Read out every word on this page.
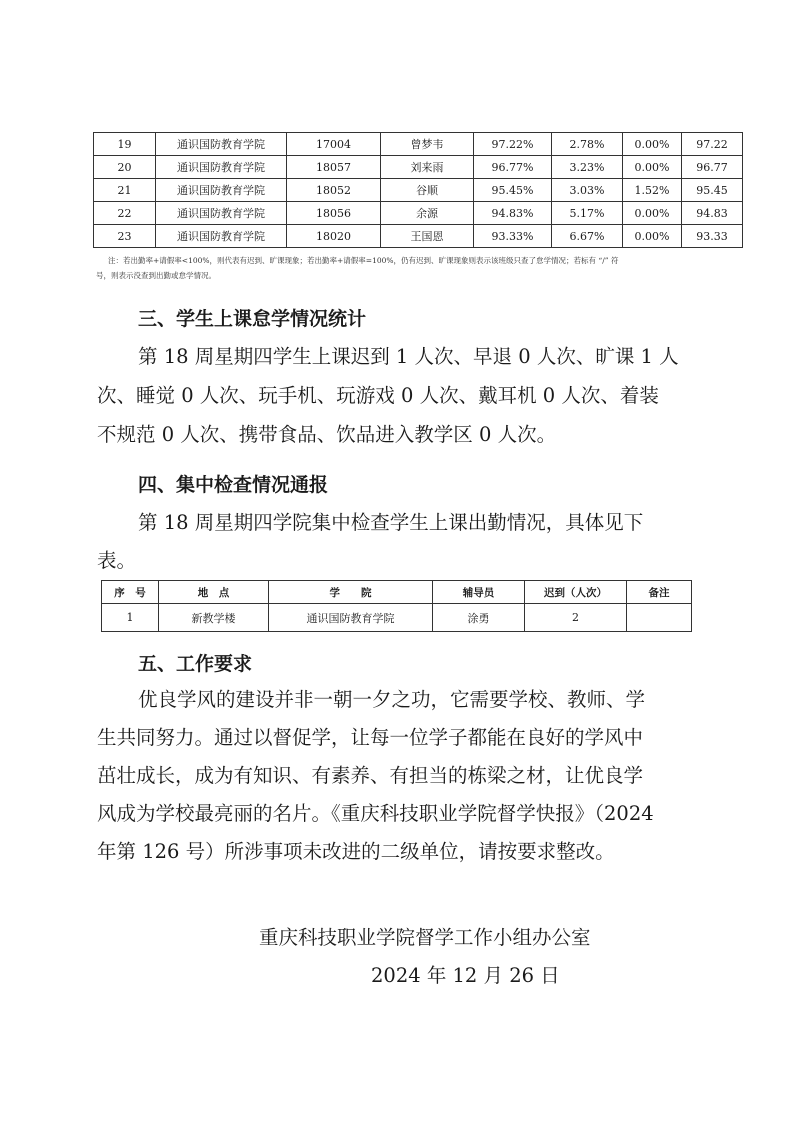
19	通识国防教育学院	17004	曾梦韦	97.22%	2.78%	0.00%	97.22
20	通识国防教育学院	18057	刘来雨	96.77%	3.23%	0.00%	96.77
21	通识国防教育学院	18052	谷顺	95.45%	3.03%	1.52%	95.45
22	通识国防教育学院	18056	余源	94.83%	5.17%	0.00%	94.83
23	通识国防教育学院	18020	王国恩	93.33%	6.67%	0.00%	93.33
注：若出勤率+请假率<100%，则代表有迟到、旷课现象；若出勤率+请假率=100%，仍有迟到、旷课现象则表示该班级只查了怠学情况；若标有 “/” 符
号，则表示没查到出勤或怠学情况。
三、学生上课怠学情况统计

第 18 周星期四学生上课迟到 1 人次、早退 0 人次、旷课 1 人

次、睡觉 0 人次、玩手机、玩游戏 0 人次、戴耳机 0 人次、着装

不规范 0 人次、携带食品、饮品进入教学区 0 人次。

四、集中检查情况通报

第 18 周星期四学院集中检查学生上课出勤情况，具体见下

表。

序　号	地　点	学　　院	辅导员	迟到（人次）	备注
1	新教学楼	通识国防教育学院	涂勇	2	
五、工作要求

优良学风的建设并非一朝一夕之功，它需要学校、教师、学

生共同努力。通过以督促学，让每一位学子都能在良好的学风中

茁壮成长，成为有知识、有素养、有担当的栋梁之材，让优良学

风成为学校最亮丽的名片。《重庆科技职业学院督学快报》（2024

年第 126 号）所涉事项未改进的二级单位，请按要求整改。

重庆科技职业学院督学工作小组办公室
2024 年 12 月 26 日
